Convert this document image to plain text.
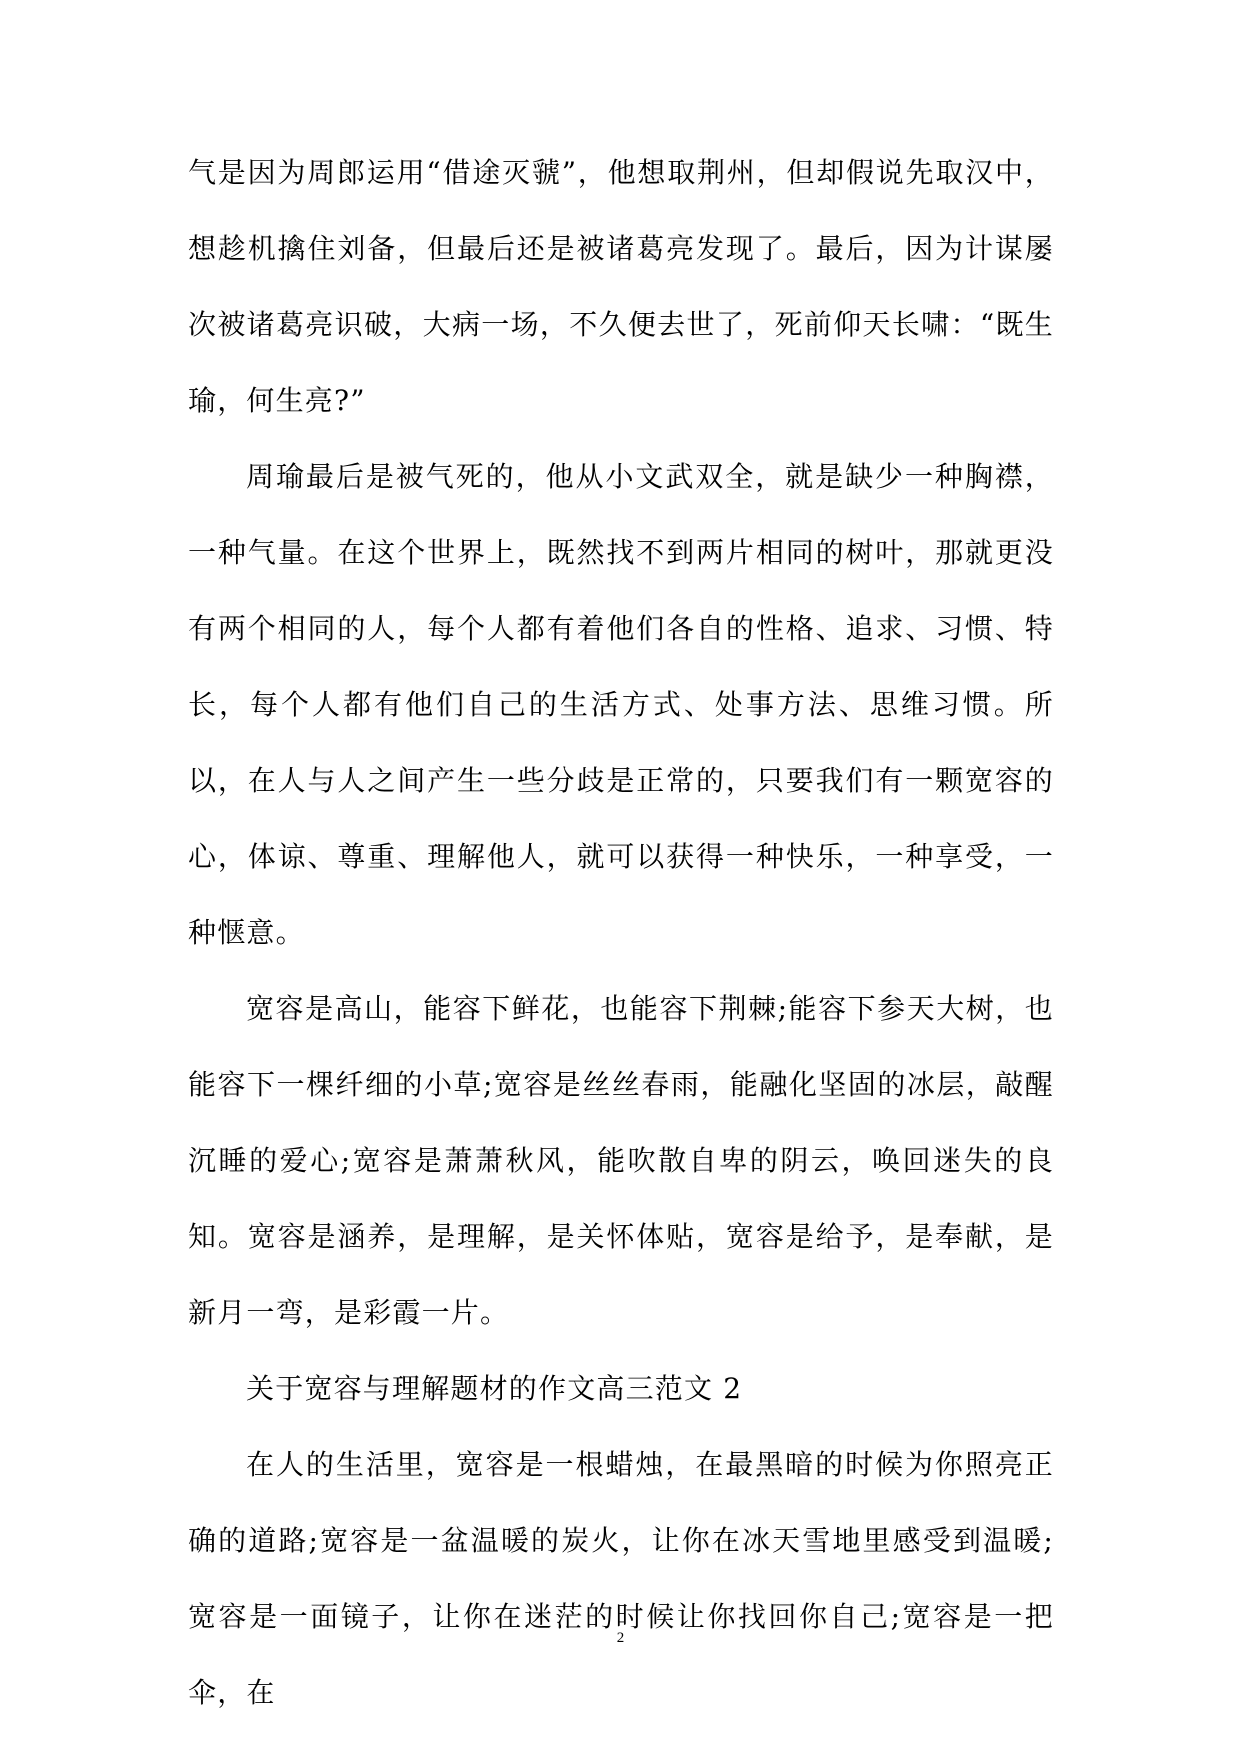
气是因为周郎运用“借途灭虢”，他想取荆州，但却假说先取汉中，想趁机擒住刘备，但最后还是被诸葛亮发现了。最后，因为计谋屡次被诸葛亮识破，大病一场，不久便去世了，死前仰天长啸：“既生瑜，何生亮?”

周瑜最后是被气死的，他从小文武双全，就是缺少一种胸襟，一种气量。在这个世界上，既然找不到两片相同的树叶，那就更没有两个相同的人，每个人都有着他们各自的性格、追求、习惯、特长，每个人都有他们自己的生活方式、处事方法、思维习惯。所以，在人与人之间产生一些分歧是正常的，只要我们有一颗宽容的心，体谅、尊重、理解他人，就可以获得一种快乐，一种享受，一种惬意。

宽容是高山，能容下鲜花，也能容下荆棘;能容下参天大树，也能容下一棵纤细的小草;宽容是丝丝春雨，能融化坚固的冰层，敲醒沉睡的爱心;宽容是萧萧秋风，能吹散自卑的阴云，唤回迷失的良知。宽容是涵养，是理解，是关怀体贴，宽容是给予，是奉献，是新月一弯，是彩霞一片。

关于宽容与理解题材的作文高三范文 2

在人的生活里，宽容是一根蜡烛，在最黑暗的时候为你照亮正确的道路;宽容是一盆温暖的炭火，让你在冰天雪地里感受到温暖;宽容是一面镜子，让你在迷茫的时候让你找回你自己;宽容是一把伞，在

2
